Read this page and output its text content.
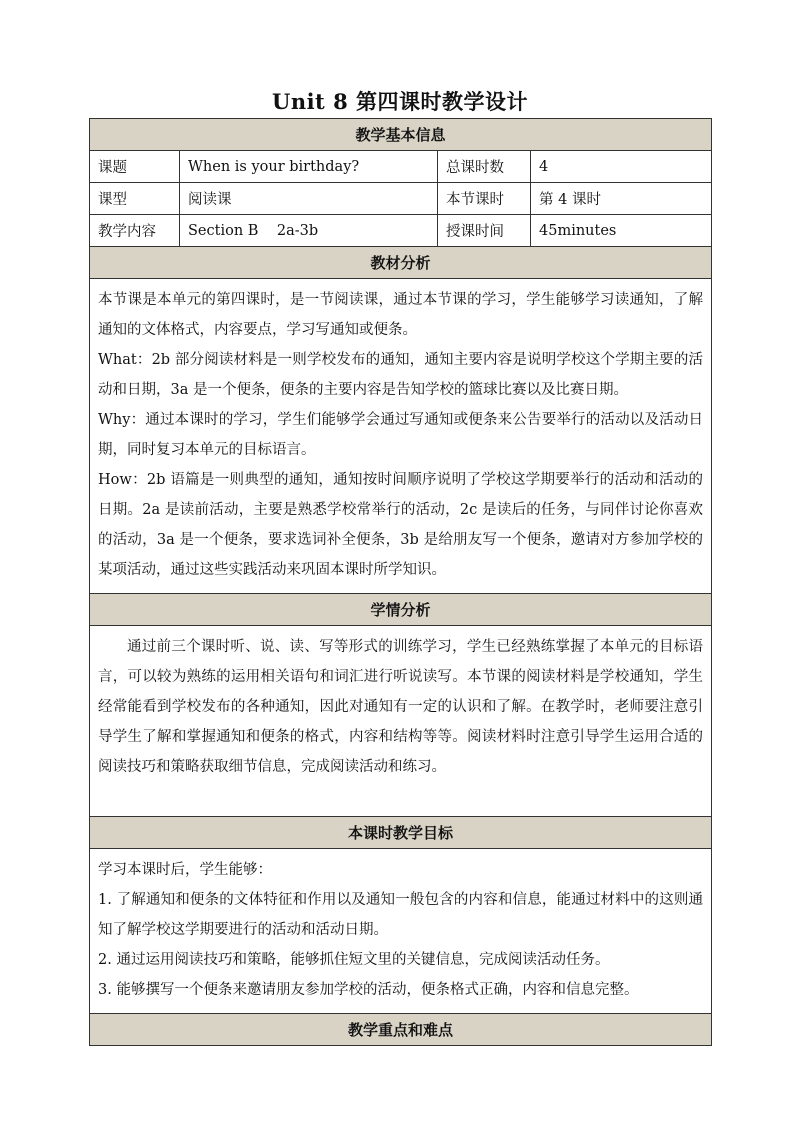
Unit 8 第四课时教学设计
教学基本信息			
课题	When is your birthday?	总课时数	4
课型	阅读课	本节课时	第 4 课时
教学内容	Section B    2a-3b	授课时间	45minutes
教材分析			

本节课是本单元的第四课时，是一节阅读课，通过本节课的学习，学生能够学习读通知，了解通知的文体格式，内容要点，学习写通知或便条。

What：2b 部分阅读材料是一则学校发布的通知，通知主要内容是说明学校这个学期主要的活动和日期，3a 是一个便条，便条的主要内容是告知学校的篮球比赛以及比赛日期。

Why：通过本课时的学习，学生们能够学会通过写通知或便条来公告要举行的活动以及活动日期，同时复习本单元的目标语言。

How：2b 语篇是一则典型的通知，通知按时间顺序说明了学校这学期要举行的活动和活动的日期。2a 是读前活动，主要是熟悉学校常举行的活动，2c 是读后的任务，与同伴讨论你喜欢的活动，3a 是一个便条，要求选词补全便条，3b 是给朋友写一个便条，邀请对方参加学校的某项活动，通过这些实践活动来巩固本课时所学知识。			

学情分析			

通过前三个课时听、说、读、写等形式的训练学习，学生已经熟练掌握了本单元的目标语言，可以较为熟练的运用相关语句和词汇进行听说读写。本节课的阅读材料是学校通知，学生经常能看到学校发布的各种通知，因此对通知有一定的认识和了解。在教学时，老师要注意引导学生了解和掌握通知和便条的格式，内容和结构等等。阅读材料时注意引导学生运用合适的阅读技巧和策略获取细节信息，完成阅读活动和练习。			

本课时教学目标			

学习本课时后，学生能够：

1. 了解通知和便条的文体特征和作用以及通知一般包含的内容和信息，能通过材料中的这则通知了解学校这学期要进行的活动和活动日期。

2. 通过运用阅读技巧和策略，能够抓住短文里的关键信息，完成阅读活动任务。

3. 能够撰写一个便条来邀请朋友参加学校的活动，便条格式正确，内容和信息完整。			

教学重点和难点			
